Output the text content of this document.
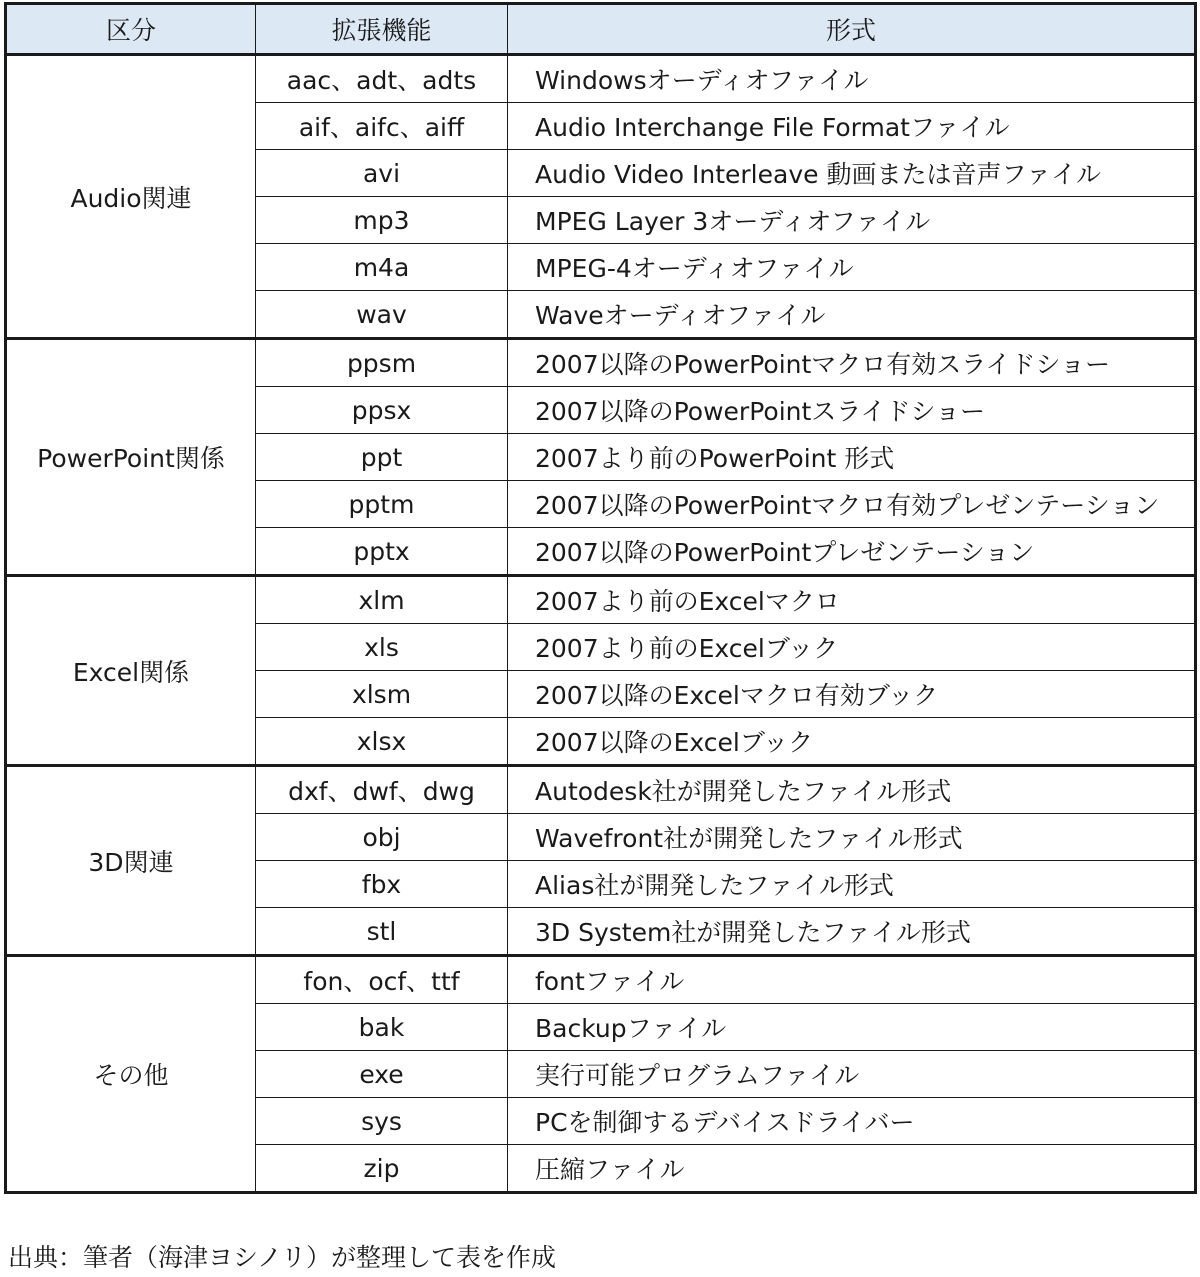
区分	拡張機能	形式
Audio関連	aac、adt、adts	Windowsオーディオファイル
	aif、aifc、aiff	Audio Interchange File Formatファイル
	avi	Audio Video Interleave 動画または音声ファイル
	mp3	MPEG Layer 3オーディオファイル
	m4a	MPEG-4オーディオファイル
	wav	Waveオーディオファイル
PowerPoint関係	ppsm	2007以降のPowerPointマクロ有効スライドショー
	ppsx	2007以降のPowerPointスライドショー
	ppt	2007より前のPowerPoint 形式
	pptm	2007以降のPowerPointマクロ有効プレゼンテーション
	pptx	2007以降のPowerPointプレゼンテーション
Excel関係	xlm	2007より前のExcelマクロ
	xls	2007より前のExcelブック
	xlsm	2007以降のExcelマクロ有効ブック
	xlsx	2007以降のExcelブック
3D関連	dxf、dwf、dwg	Autodesk社が開発したファイル形式
	obj	Wavefront社が開発したファイル形式
	fbx	Alias社が開発したファイル形式
	stl	3D System社が開発したファイル形式
その他	fon、ocf、ttf	fontファイル
	bak	Backupファイル
	exe	実行可能プログラムファイル
	sys	PCを制御するデバイスドライバー
	zip	圧縮ファイル
出典：筆者（海津ヨシノリ）が整理して表を作成
